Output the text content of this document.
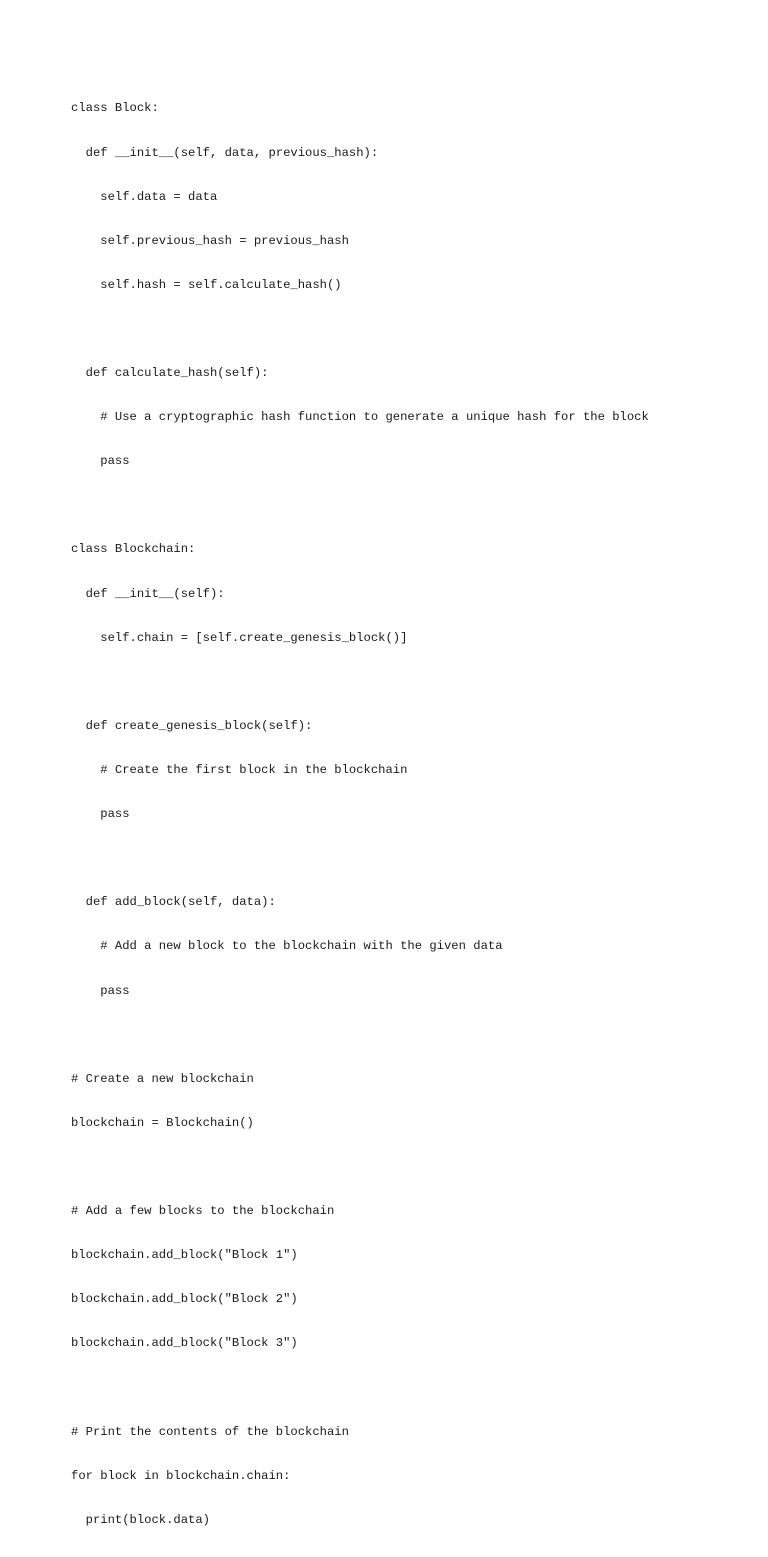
class Block:

def __init__(self, data, previous_hash):

self.data = data

self.previous_hash = previous_hash

self.hash = self.calculate_hash()

def calculate_hash(self):

# Use a cryptographic hash function to generate a unique hash for the block

pass

class Blockchain:

def __init__(self):

self.chain = [self.create_genesis_block()]

def create_genesis_block(self):

# Create the first block in the blockchain

pass

def add_block(self, data):

# Add a new block to the blockchain with the given data

pass

# Create a new blockchain

blockchain = Blockchain()

# Add a few blocks to the blockchain

blockchain.add_block("Block 1")

blockchain.add_block("Block 2")

blockchain.add_block("Block 3")

# Print the contents of the blockchain

for block in blockchain.chain:

print(block.data)
